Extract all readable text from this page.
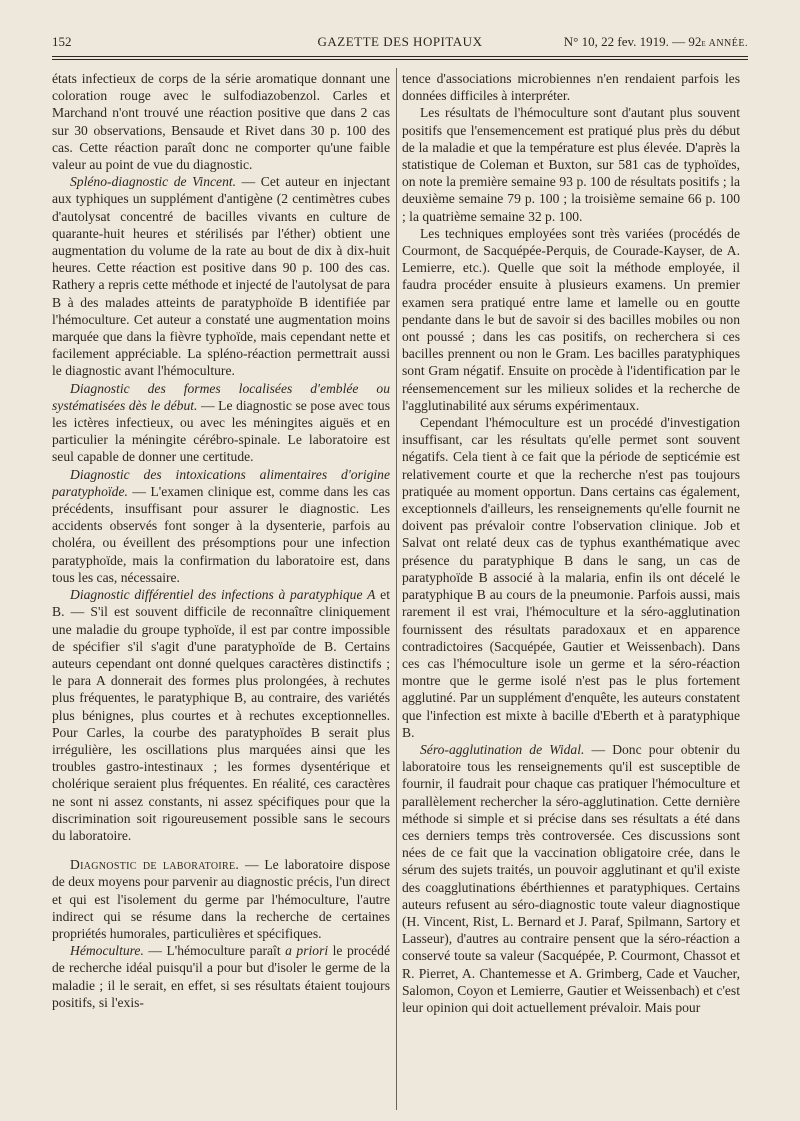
152	GAZETTE DES HOPITAUX	N° 10, 22 fev. 1919. — 92e ANNÉE.

états infectieux de corps de la série aromatique donnant une coloration rouge avec le sulfodiazobenzol. Carles et Marchand n'ont trouvé une réaction positive que dans 2 cas sur 30 observations, Bensaude et Rivet dans 30 p. 100 des cas. Cette réaction paraît donc ne comporter qu'une faible valeur au point de vue du diagnostic.

Spléno-diagnostic de Vincent. — Cet auteur en injectant aux typhiques un supplément d'antigène (2 centimètres cubes d'autolysat concentré de bacilles vivants en culture de quarante-huit heures et stérilisés par l'éther) obtient une augmentation du volume de la rate au bout de dix à dix-huit heures. Cette réaction est positive dans 90 p. 100 des cas. Rathery a repris cette méthode et injecté de l'autolysat de para B à des malades atteints de paratyphoïde B identifiée par l'hémoculture. Cet auteur a constaté une augmentation moins marquée que dans la fièvre typhoïde, mais cependant nette et facilement appréciable. La spléno-réaction permettrait aussi le diagnostic avant l'hémoculture.

Diagnostic des formes localisées d'emblée ou systématisées dès le début. — Le diagnostic se pose avec tous les ictères infectieux, ou avec les méningites aiguës et en particulier la méningite cérébro-spinale. Le laboratoire est seul capable de donner une certitude.

Diagnostic des intoxications alimentaires d'origine paratyphoïde. — L'examen clinique est, comme dans les cas précédents, insuffisant pour assurer le diagnostic. Les accidents observés font songer à la dysenterie, parfois au choléra, ou éveillent des présomptions pour une infection paratyphoïde, mais la confirmation du laboratoire est, dans tous les cas, nécessaire.

Diagnostic différentiel des infections à paratyphique A et B. — S'il est souvent difficile de reconnaître cliniquement une maladie du groupe typhoïde, il est par contre impossible de spécifier s'il s'agit d'une paratyphoïde de B. Certains auteurs cependant ont donné quelques caractères distinctifs ; le para A donnerait des formes plus prolongées, à rechutes plus fréquentes, le paratyphique B, au contraire, des variétés plus bénignes, plus courtes et à rechutes exceptionnelles. Pour Carles, la courbe des paratyphoïdes B serait plus irrégulière, les oscillations plus marquées ainsi que les troubles gastro-intestinaux ; les formes dysentérique et cholérique seraient plus fréquentes. En réalité, ces caractères ne sont ni assez constants, ni assez spécifiques pour que la discrimination soit rigoureusement possible sans le secours du laboratoire.

Diagnostic de laboratoire. — Le laboratoire dispose de deux moyens pour parvenir au diagnostic précis, l'un direct et qui est l'isolement du germe par l'hémoculture, l'autre indirect qui se résume dans la recherche de certaines propriétés humorales, particulières et spécifiques.

Hémoculture. — L'hémoculture paraît a priori le procédé de recherche idéal puisqu'il a pour but d'isoler le germe de la maladie ; il le serait, en effet, si ses résultats étaient toujours positifs, si l'exis-

tence d'associations microbiennes n'en rendaient parfois les données difficiles à interpréter.

Les résultats de l'hémoculture sont d'autant plus souvent positifs que l'ensemencement est pratiqué plus près du début de la maladie et que la température est plus élevée. D'après la statistique de Coleman et Buxton, sur 581 cas de typhoïdes, on note la première semaine 93 p. 100 de résultats positifs ; la deuxième semaine 79 p. 100 ; la troisième semaine 66 p. 100 ; la quatrième semaine 32 p. 100.

Les techniques employées sont très variées (procédés de Courmont, de Sacquépée-Perquis, de Courade-Kayser, de A. Lemierre, etc.). Quelle que soit la méthode employée, il faudra procéder ensuite à plusieurs examens. Un premier examen sera pratiqué entre lame et lamelle ou en goutte pendante dans le but de savoir si des bacilles mobiles ou non ont poussé ; dans les cas positifs, on recherchera si ces bacilles prennent ou non le Gram. Les bacilles paratyphiques sont Gram négatif. Ensuite on procède à l'identification par le réensemencement sur les milieux solides et la recherche de l'agglutinabilité aux sérums expérimentaux.

Cependant l'hémoculture est un procédé d'investigation insuffisant, car les résultats qu'elle permet sont souvent négatifs. Cela tient à ce fait que la période de septicémie est relativement courte et que la recherche n'est pas toujours pratiquée au moment opportun. Dans certains cas également, exceptionnels d'ailleurs, les renseignements qu'elle fournit ne doivent pas prévaloir contre l'observation clinique. Job et Salvat ont relaté deux cas de typhus exanthématique avec présence du paratyphique B dans le sang, un cas de paratyphoïde B associé à la malaria, enfin ils ont décelé le paratyphique B au cours de la pneumonie. Parfois aussi, mais rarement il est vrai, l'hémoculture et la séro-agglutination fournissent des résultats paradoxaux et en apparence contradictoires (Sacquépée, Gautier et Weissenbach). Dans ces cas l'hémoculture isole un germe et la séro-réaction montre que le germe isolé n'est pas le plus fortement agglutiné. Par un supplément d'enquête, les auteurs constatent que l'infection est mixte à bacille d'Eberth et à paratyphique B.

Séro-agglutination de Widal. — Donc pour obtenir du laboratoire tous les renseignements qu'il est susceptible de fournir, il faudrait pour chaque cas pratiquer l'hémoculture et parallèlement rechercher la séro-agglutination. Cette dernière méthode si simple et si précise dans ses résultats a été dans ces derniers temps très controversée. Ces discussions sont nées de ce fait que la vaccination obligatoire crée, dans le sérum des sujets traités, un pouvoir agglutinant et qu'il existe des coagglutinations ébérthiennes et paratyphiques. Certains auteurs refusent au séro-diagnostic toute valeur diagnostique (H. Vincent, Rist, L. Bernard et J. Paraf, Spilmann, Sartory et Lasseur), d'autres au contraire pensent que la séro-réaction a conservé toute sa valeur (Sacquépée, P. Courmont, Chassot et R. Pierret, A. Chantemesse et A. Grimberg, Cade et Vaucher, Salomon, Coyon et Lemierre, Gautier et Weissenbach) et c'est leur opinion qui doit actuellement prévaloir. Mais pour
